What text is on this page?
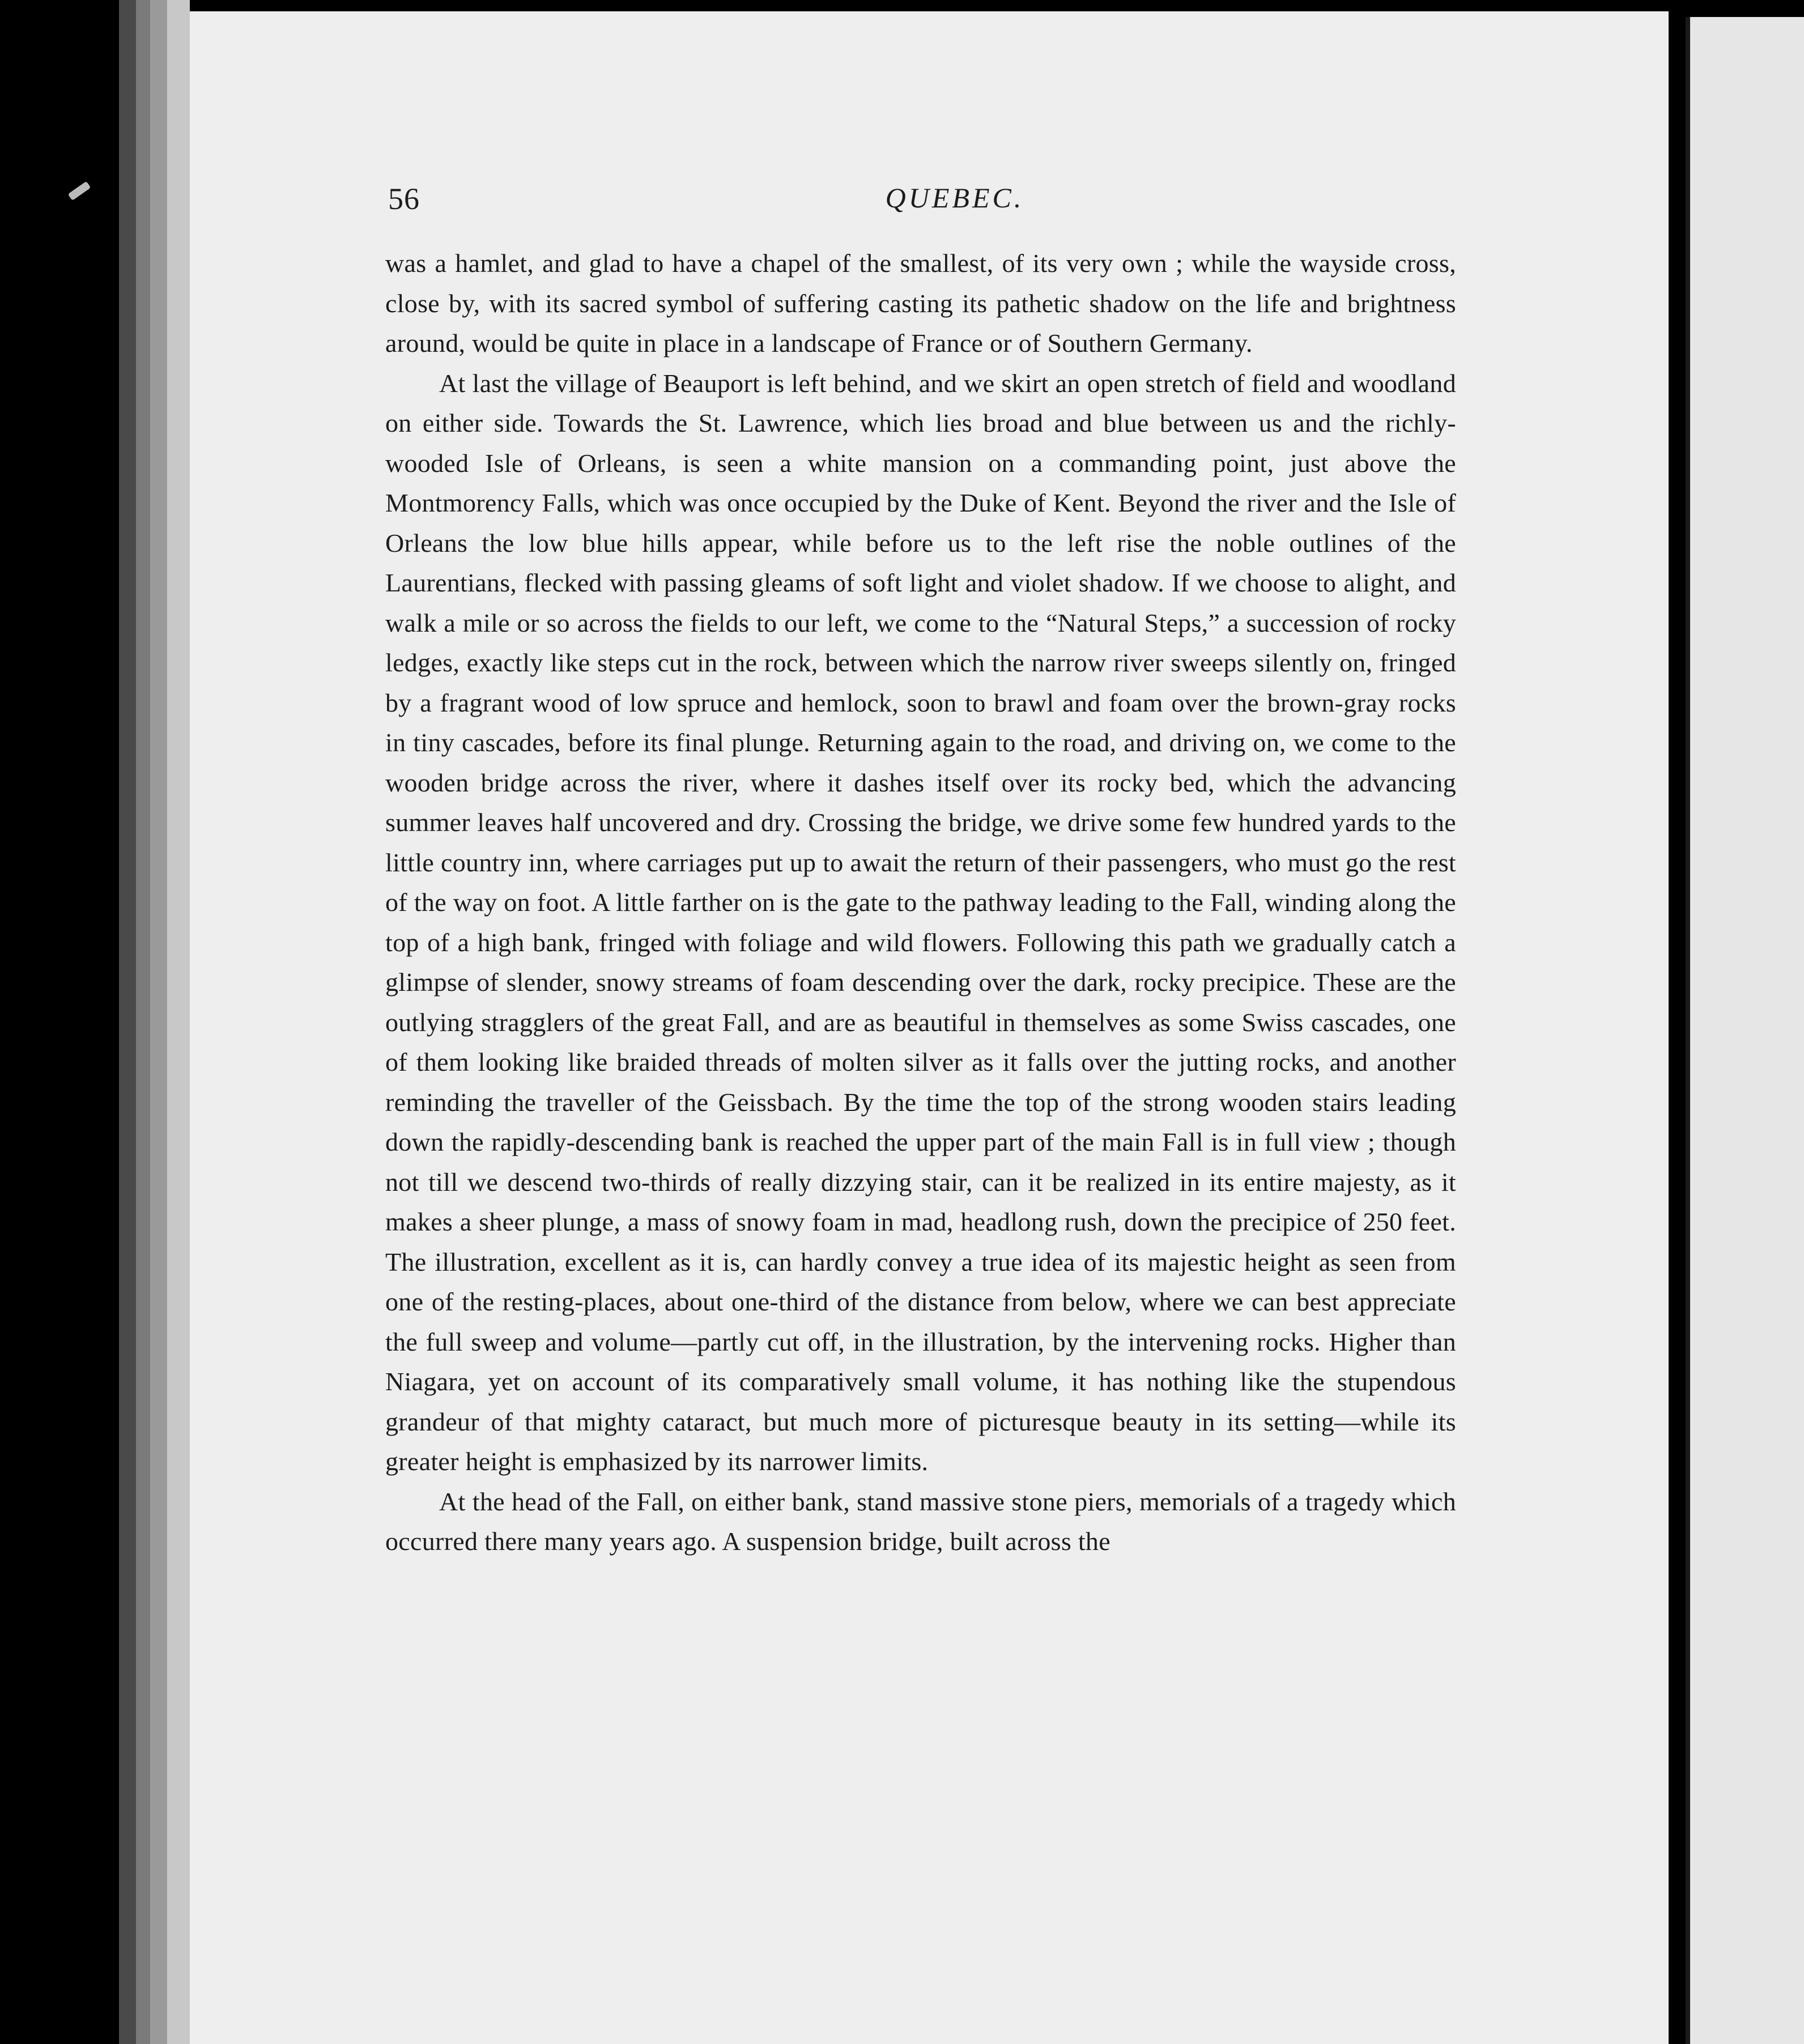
56	QUEBEC.

was a hamlet, and glad to have a chapel of the smallest, of its very own ; while the wayside cross, close by, with its sacred symbol of suffering casting its pathetic shadow on the life and brightness around, would be quite in place in a landscape of France or of Southern Germany.

At last the village of Beauport is left behind, and we skirt an open stretch of field and woodland on either side. Towards the St. Lawrence, which lies broad and blue between us and the richly-wooded Isle of Orleans, is seen a white mansion on a commanding point, just above the Montmorency Falls, which was once occupied by the Duke of Kent. Beyond the river and the Isle of Orleans the low blue hills appear, while before us to the left rise the noble outlines of the Laurentians, flecked with passing gleams of soft light and violet shadow. If we choose to alight, and walk a mile or so across the fields to our left, we come to the “Natural Steps,” a succession of rocky ledges, exactly like steps cut in the rock, between which the narrow river sweeps silently on, fringed by a fragrant wood of low spruce and hemlock, soon to brawl and foam over the brown-gray rocks in tiny cascades, before its final plunge. Returning again to the road, and driving on, we come to the wooden bridge across the river, where it dashes itself over its rocky bed, which the advancing summer leaves half uncovered and dry. Crossing the bridge, we drive some few hundred yards to the little country inn, where carriages put up to await the return of their passengers, who must go the rest of the way on foot. A little farther on is the gate to the pathway leading to the Fall, winding along the top of a high bank, fringed with foliage and wild flowers. Following this path we gradually catch a glimpse of slender, snowy streams of foam descending over the dark, rocky precipice. These are the outlying stragglers of the great Fall, and are as beautiful in themselves as some Swiss cascades, one of them looking like braided threads of molten silver as it falls over the jutting rocks, and another reminding the traveller of the Geissbach. By the time the top of the strong wooden stairs leading down the rapidly-descending bank is reached the upper part of the main Fall is in full view ; though not till we descend two-thirds of really dizzying stair, can it be realized in its entire majesty, as it makes a sheer plunge, a mass of snowy foam in mad, headlong rush, down the precipice of 250 feet. The illustration, excellent as it is, can hardly convey a true idea of its majestic height as seen from one of the resting-places, about one-third of the distance from below, where we can best appreciate the full sweep and volume—partly cut off, in the illustration, by the intervening rocks. Higher than Niagara, yet on account of its comparatively small volume, it has nothing like the stupendous grandeur of that mighty cataract, but much more of picturesque beauty in its setting—while its greater height is emphasized by its narrower limits.

At the head of the Fall, on either bank, stand massive stone piers, memorials of a tragedy which occurred there many years ago. A suspension bridge, built across the
